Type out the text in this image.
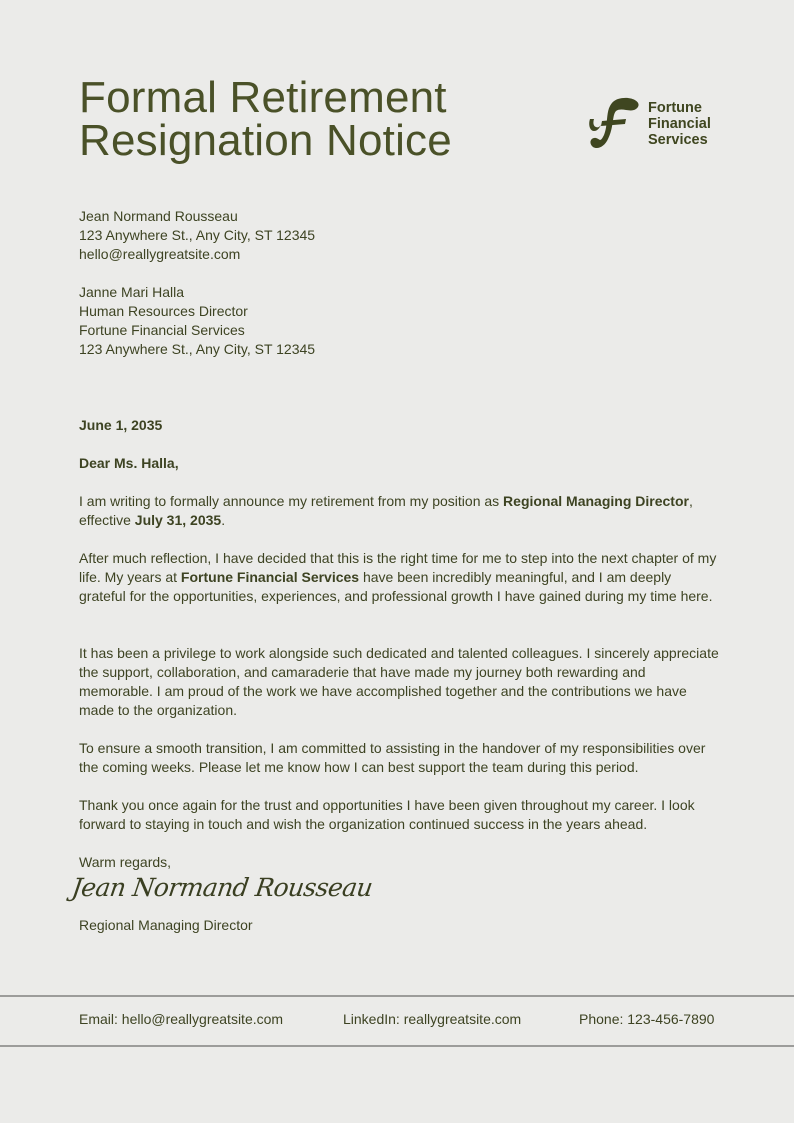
Formal Retirement
Resignation Notice
Fortune
Financial
Services
Jean Normand Rousseau
123 Anywhere St., Any City, ST 12345
hello@reallygreatsite.com
Janne Mari Halla
Human Resources Director
Fortune Financial Services
123 Anywhere St., Any City, ST 12345
June 1, 2035
Dear Ms. Halla,

I am writing to formally announce my retirement from my position as Regional Managing Director, effective July 31, 2035.

After much reflection, I have decided that this is the right time for me to step into the next chapter of my life. My years at Fortune Financial Services have been incredibly meaningful, and I am deeply grateful for the opportunities, experiences, and professional growth I have gained during my time here.

It has been a privilege to work alongside such dedicated and talented colleagues. I sincerely appreciate the support, collaboration, and camaraderie that have made my journey both rewarding and memorable. I am proud of the work we have accomplished together and the contributions we have made to the organization.

To ensure a smooth transition, I am committed to assisting in the handover of my responsibilities over the coming weeks. Please let me know how I can best support the team during this period.

Thank you once again for the trust and opportunities I have been given throughout my career. I look forward to staying in touch and wish the organization continued success in the years ahead.

Warm regards,
Jean Normand Rousseau
Regional Managing Director
Email: hello@reallygreatsite.com	LinkedIn: reallygreatsite.com	Phone: 123-456-7890
